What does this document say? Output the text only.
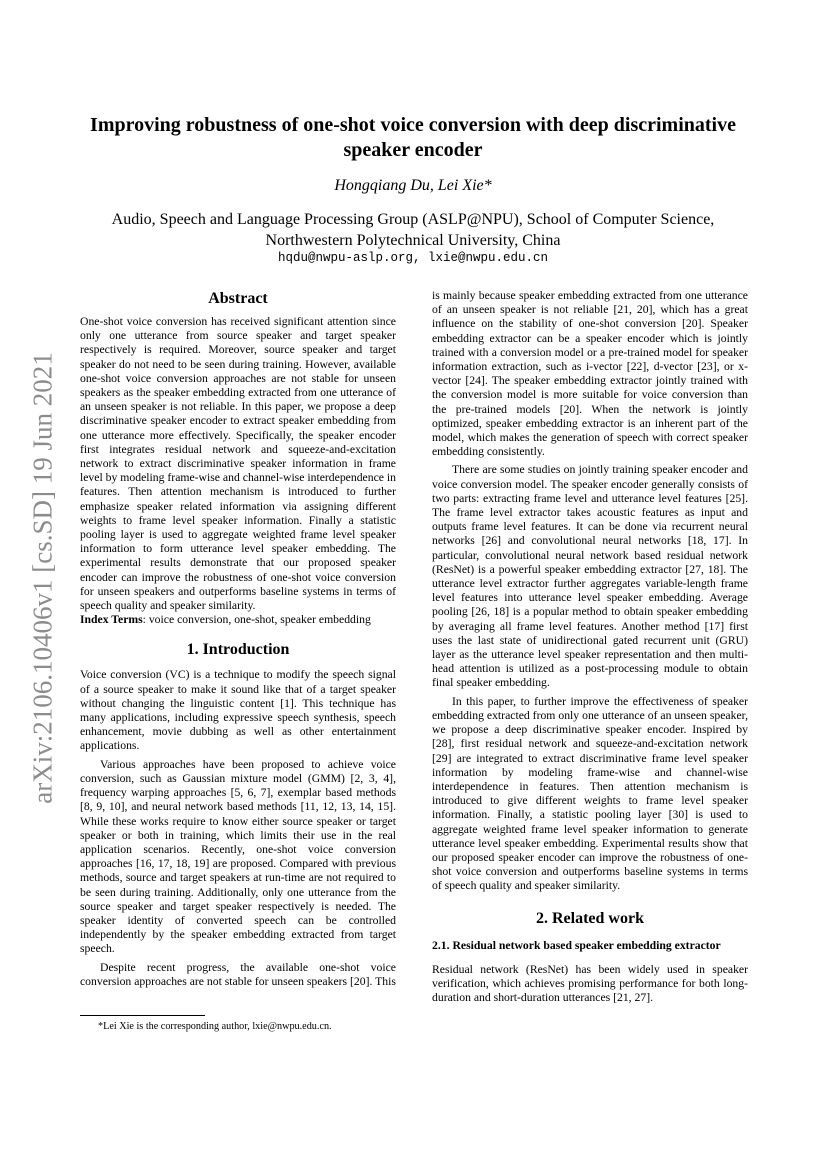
arXiv:2106.10406v1 [cs.SD] 19 Jun 2021
Improving robustness of one-shot voice conversion with deep discriminative speaker encoder
Hongqiang Du, Lei Xie*
Audio, Speech and Language Processing Group (ASLP@NPU), School of Computer Science,
Northwestern Polytechnical University, China
hqdu@nwpu-aslp.org, lxie@nwpu.edu.cn
Abstract

One-shot voice conversion has received significant attention since only one utterance from source speaker and target speaker respectively is required. Moreover, source speaker and target speaker do not need to be seen during training. However, available one-shot voice conversion approaches are not stable for unseen speakers as the speaker embedding extracted from one utterance of an unseen speaker is not reliable. In this paper, we propose a deep discriminative speaker encoder to extract speaker embedding from one utterance more effectively. Specifically, the speaker encoder first integrates residual network and squeeze-and-excitation network to extract discriminative speaker information in frame level by modeling frame-wise and channel-wise interdependence in features. Then attention mechanism is introduced to further emphasize speaker related information via assigning different weights to frame level speaker information. Finally a statistic pooling layer is used to aggregate weighted frame level speaker information to form utterance level speaker embedding. The experimental results demonstrate that our proposed speaker encoder can improve the robustness of one-shot voice conversion for unseen speakers and outperforms baseline systems in terms of speech quality and speaker similarity.

Index Terms: voice conversion, one-shot, speaker embedding

1. Introduction

Voice conversion (VC) is a technique to modify the speech signal of a source speaker to make it sound like that of a target speaker without changing the linguistic content [1]. This technique has many applications, including expressive speech synthesis, speech enhancement, movie dubbing as well as other entertainment applications.

Various approaches have been proposed to achieve voice conversion, such as Gaussian mixture model (GMM) [2, 3, 4], frequency warping approaches [5, 6, 7], exemplar based methods [8, 9, 10], and neural network based methods [11, 12, 13, 14, 15]. While these works require to know either source speaker or target speaker or both in training, which limits their use in the real application scenarios. Recently, one-shot voice conversion approaches [16, 17, 18, 19] are proposed. Compared with previous methods, source and target speakers at run-time are not required to be seen during training. Additionally, only one utterance from the source speaker and target speaker respectively is needed. The speaker identity of converted speech can be controlled independently by the speaker embedding extracted from target speech.

Despite recent progress, the available one-shot voice conversion approaches are not stable for unseen speakers [20]. This

*Lei Xie is the corresponding author, lxie@nwpu.edu.cn.

is mainly because speaker embedding extracted from one utterance of an unseen speaker is not reliable [21, 20], which has a great influence on the stability of one-shot conversion [20]. Speaker embedding extractor can be a speaker encoder which is jointly trained with a conversion model or a pre-trained model for speaker information extraction, such as i-vector [22], d-vector [23], or x-vector [24]. The speaker embedding extractor jointly trained with the conversion model is more suitable for voice conversion than the pre-trained models [20]. When the network is jointly optimized, speaker embedding extractor is an inherent part of the model, which makes the generation of speech with correct speaker embedding consistently.

There are some studies on jointly training speaker encoder and voice conversion model. The speaker encoder generally consists of two parts: extracting frame level and utterance level features [25]. The frame level extractor takes acoustic features as input and outputs frame level features. It can be done via recurrent neural networks [26] and convolutional neural networks [18, 17]. In particular, convolutional neural network based residual network (ResNet) is a powerful speaker embedding extractor [27, 18]. The utterance level extractor further aggregates variable-length frame level features into utterance level speaker embedding. Average pooling [26, 18] is a popular method to obtain speaker embedding by averaging all frame level features. Another method [17] first uses the last state of unidirectional gated recurrent unit (GRU) layer as the utterance level speaker representation and then multi-head attention is utilized as a post-processing module to obtain final speaker embedding.

In this paper, to further improve the effectiveness of speaker embedding extracted from only one utterance of an unseen speaker, we propose a deep discriminative speaker encoder. Inspired by [28], first residual network and squeeze-and-excitation network [29] are integrated to extract discriminative frame level speaker information by modeling frame-wise and channel-wise interdependence in features. Then attention mechanism is introduced to give different weights to frame level speaker information. Finally, a statistic pooling layer [30] is used to aggregate weighted frame level speaker information to generate utterance level speaker embedding. Experimental results show that our proposed speaker encoder can improve the robustness of one-shot voice conversion and outperforms baseline systems in terms of speech quality and speaker similarity.

2. Related work
2.1. Residual network based speaker embedding extractor

Residual network (ResNet) has been widely used in speaker verification, which achieves promising performance for both long-duration and short-duration utterances [21, 27].
